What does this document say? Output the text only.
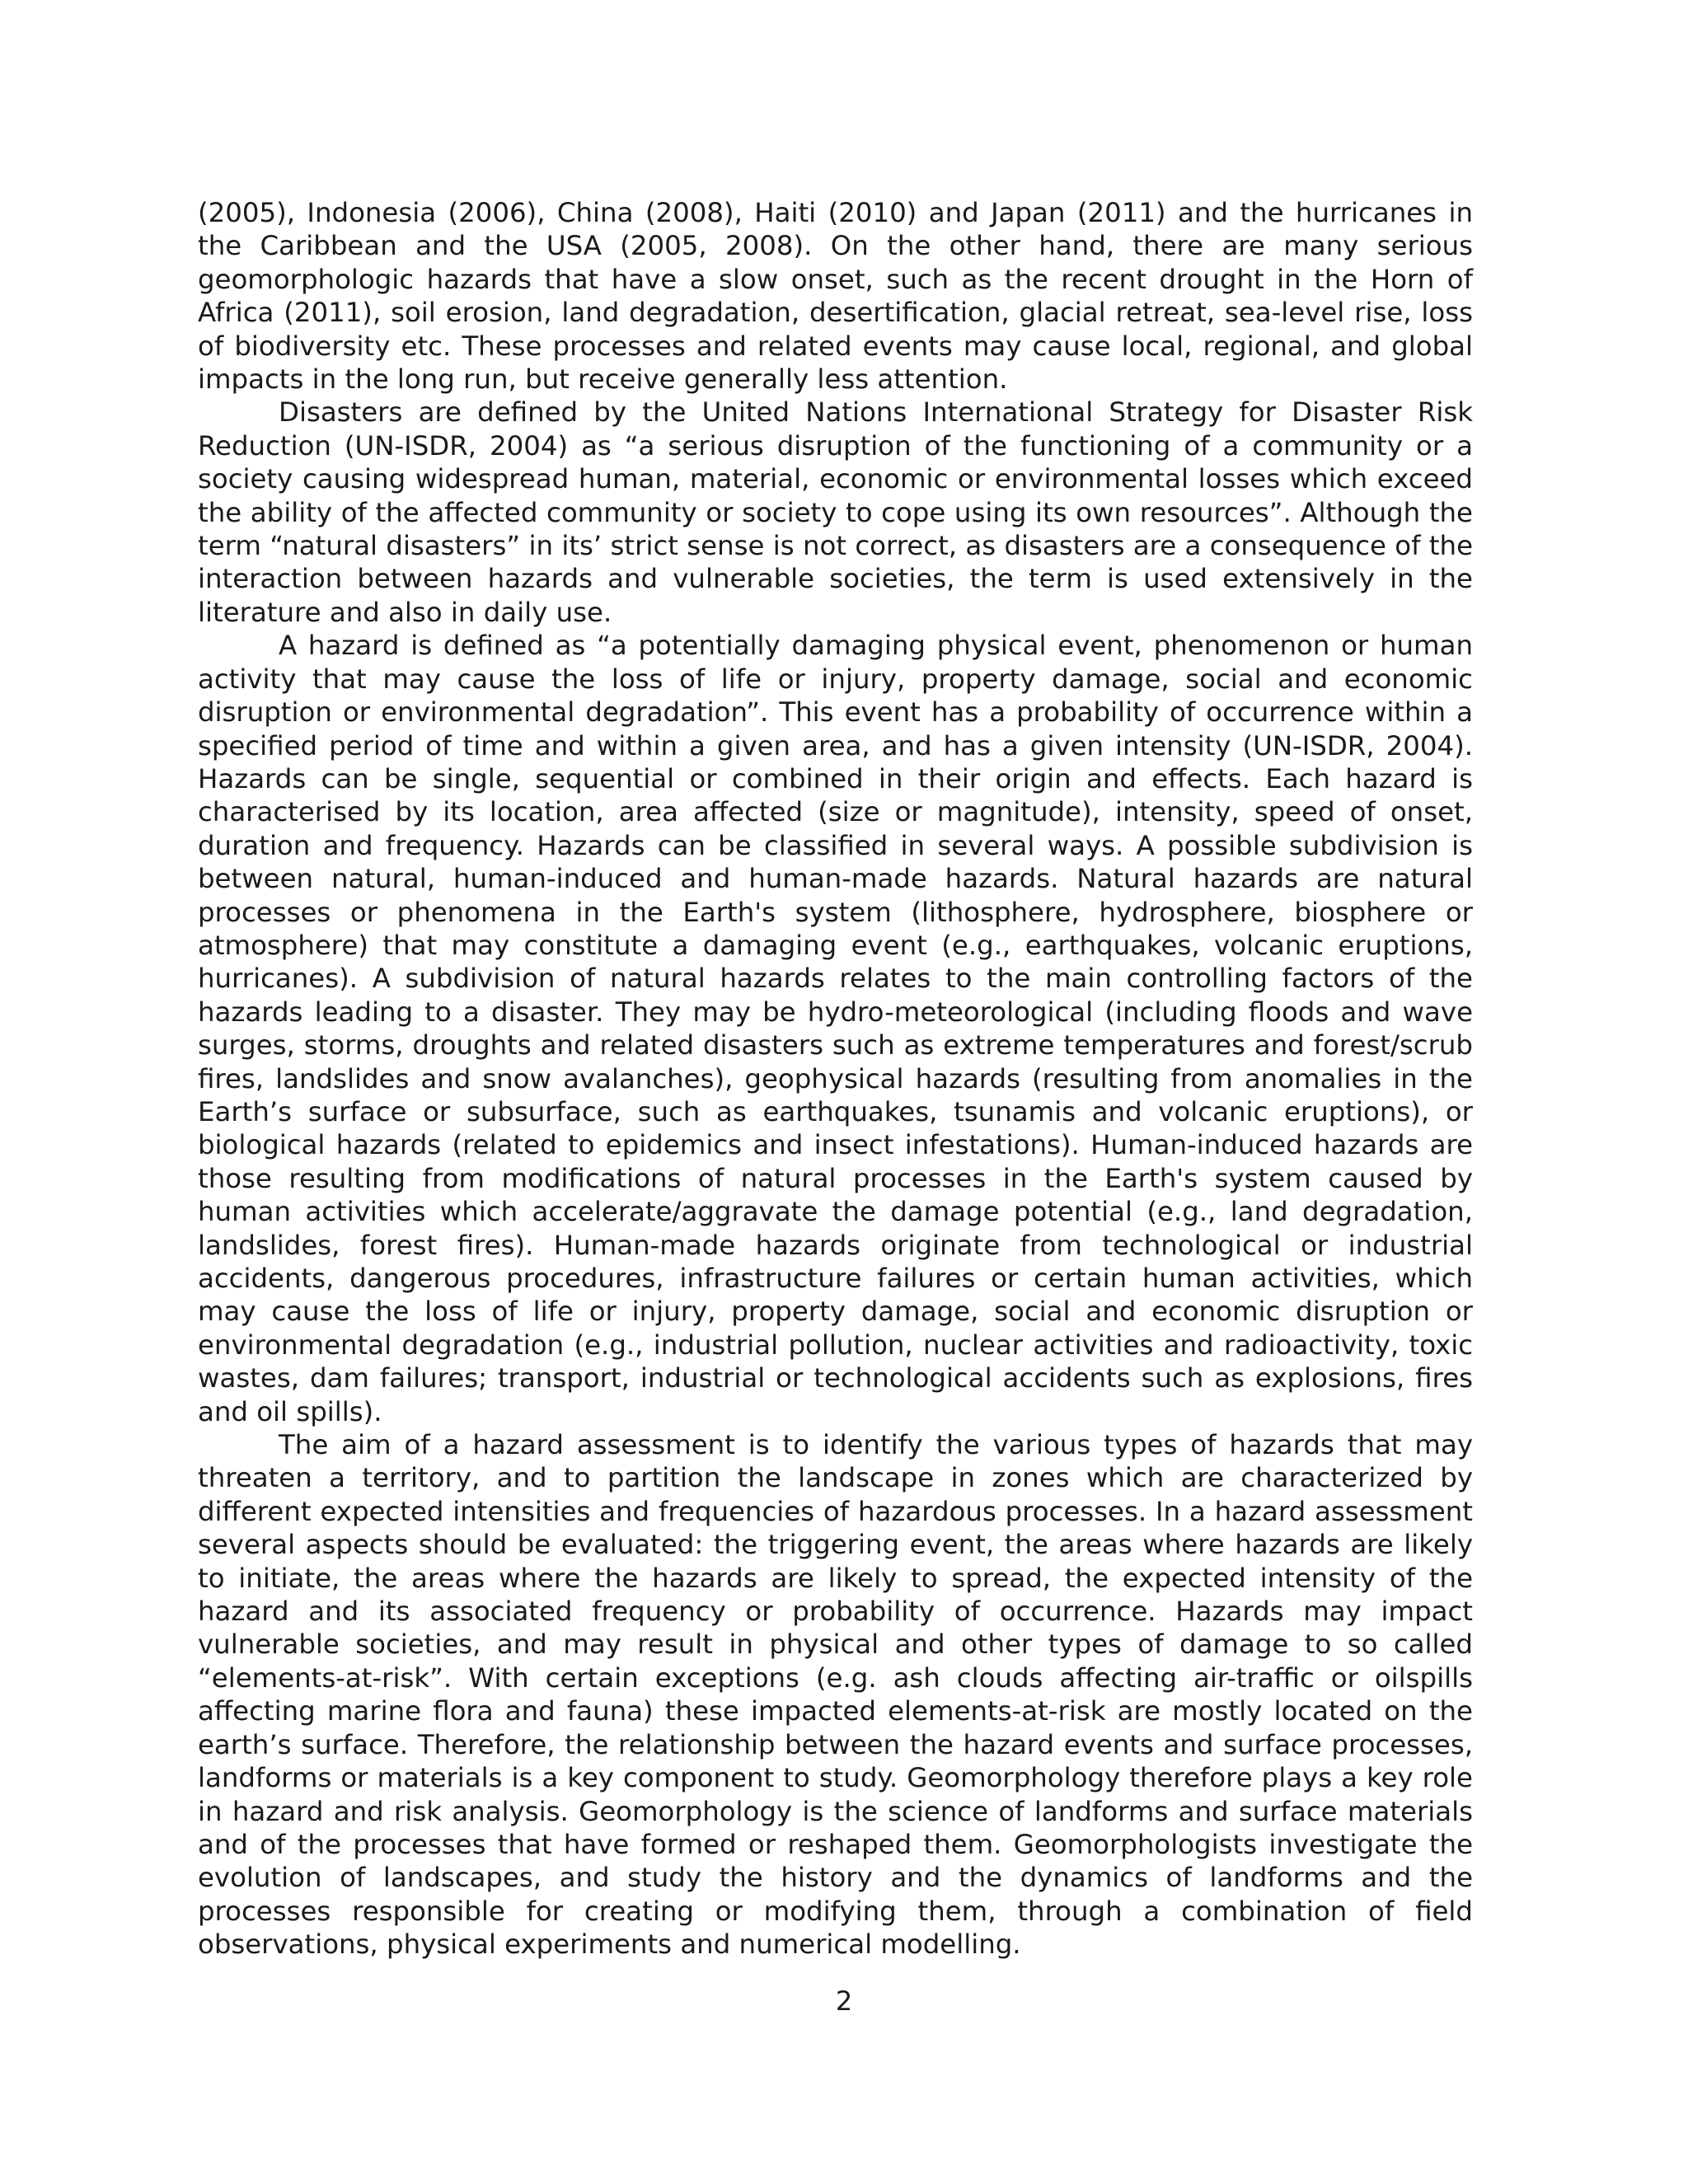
(2005), Indonesia (2006), China (2008), Haiti (2010) and Japan (2011) and the hurricanes in the Caribbean and the USA (2005, 2008). On the other hand, there are many serious geomorphologic hazards that have a slow onset, such as the recent drought in the Horn of Africa (2011), soil erosion, land degradation, desertification, glacial retreat, sea-level rise, loss of biodiversity etc. These processes and related events may cause local, regional, and global impacts in the long run, but receive generally less attention.

Disasters are defined by the United Nations International Strategy for Disaster Risk Reduction (UN-ISDR, 2004) as “a serious disruption of the functioning of a community or a society causing widespread human, material, economic or environmental losses which exceed the ability of the affected community or society to cope using its own resources”. Although the term “natural disasters” in its’ strict sense is not correct, as disasters are a consequence of the interaction between hazards and vulnerable societies, the term is used extensively in the literature and also in daily use.

A hazard is defined as “a potentially damaging physical event, phenomenon or human activity that may cause the loss of life or injury, property damage, social and economic disruption or environmental degradation”. This event has a probability of occurrence within a specified period of time and within a given area, and has a given intensity (UN-ISDR, 2004). Hazards can be single, sequential or combined in their origin and effects. Each hazard is characterised by its location, area affected (size or magnitude), intensity, speed of onset, duration and frequency. Hazards can be classified in several ways. A possible subdivision is between natural, human-induced and human-made hazards. Natural hazards are natural processes or phenomena in the Earth's system (lithosphere, hydrosphere, biosphere or atmosphere) that may constitute a damaging event (e.g., earthquakes, volcanic eruptions, hurricanes). A subdivision of natural hazards relates to the main controlling factors of the hazards leading to a disaster. They may be hydro-meteorological (including floods and wave surges, storms, droughts and related disasters such as extreme temperatures and forest/scrub fires, landslides and snow avalanches), geophysical hazards (resulting from anomalies in the Earth’s surface or subsurface, such as earthquakes, tsunamis and volcanic eruptions), or biological hazards (related to epidemics and insect infestations). Human-induced hazards are those resulting from modifications of natural processes in the Earth's system caused by human activities which accelerate/aggravate the damage potential (e.g., land degradation, landslides, forest fires). Human-made hazards originate from technological or industrial accidents, dangerous procedures, infrastructure failures or certain human activities, which may cause the loss of life or injury, property damage, social and economic disruption or environmental degradation (e.g., industrial pollution, nuclear activities and radioactivity, toxic wastes, dam failures; transport, industrial or technological accidents such as explosions, fires and oil spills).

The aim of a hazard assessment is to identify the various types of hazards that may threaten a territory, and to partition the landscape in zones which are characterized by different expected intensities and frequencies of hazardous processes. In a hazard assessment several aspects should be evaluated: the triggering event, the areas where hazards are likely to initiate, the areas where the hazards are likely to spread, the expected intensity of the hazard and its associated frequency or probability of occurrence. Hazards may impact vulnerable societies, and may result in physical and other types of damage to so called “elements-at-risk”. With certain exceptions (e.g. ash clouds affecting air-traffic or oilspills affecting marine flora and fauna) these impacted elements-at-risk are mostly located on the earth’s surface. Therefore, the relationship between the hazard events and surface processes, landforms or materials is a key component to study. Geomorphology therefore plays a key role in hazard and risk analysis. Geomorphology is the science of landforms and surface materials and of the processes that have formed or reshaped them. Geomorphologists investigate the evolution of landscapes, and study the history and the dynamics of landforms and the processes responsible for creating or modifying them, through a combination of field observations, physical experiments and numerical modelling.

2
